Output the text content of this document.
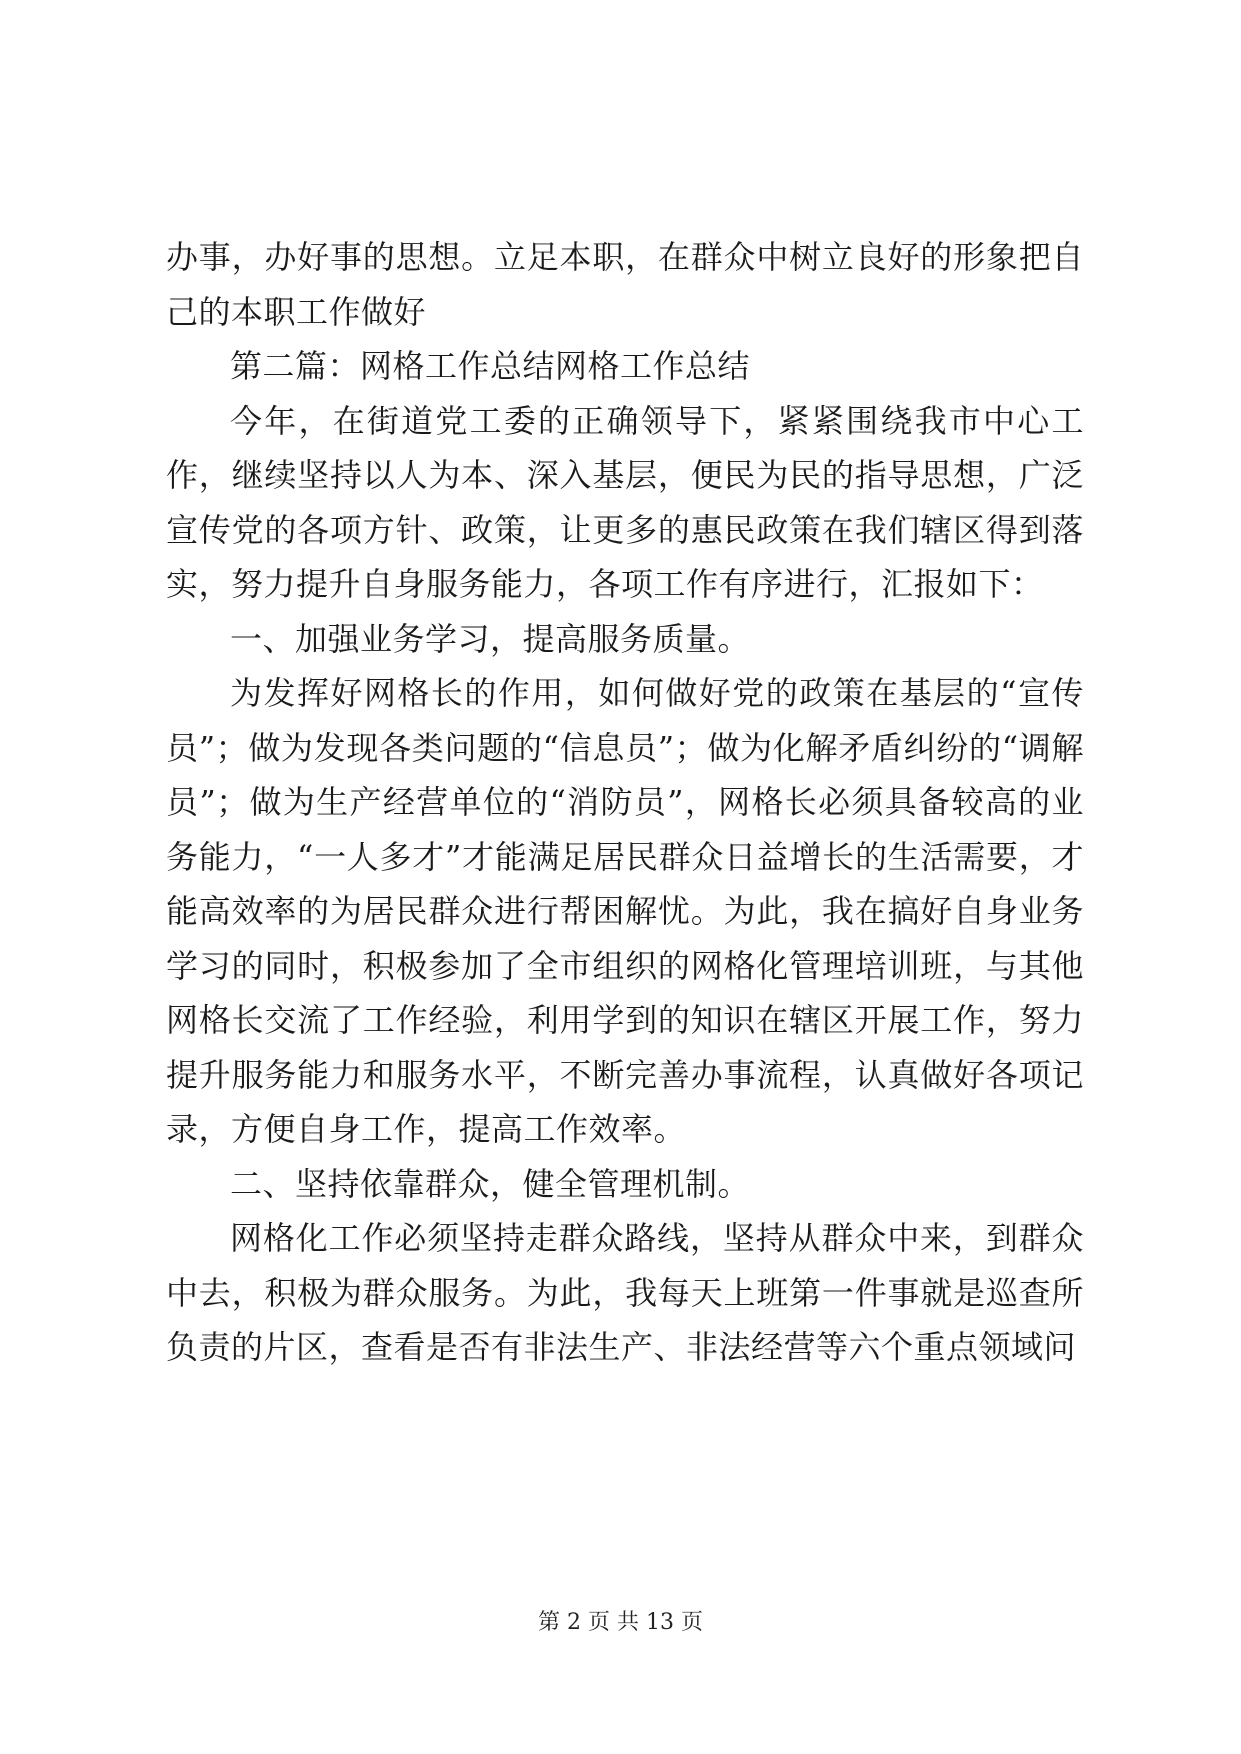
办事，办好事的思想。立足本职，在群众中树立良好的形象把自己的本职工作做好

第二篇：网格工作总结网格工作总结

今年，在街道党工委的正确领导下，紧紧围绕我市中心工作，继续坚持以人为本、深入基层，便民为民的指导思想，广泛宣传党的各项方针、政策，让更多的惠民政策在我们辖区得到落实，努力提升自身服务能力，各项工作有序进行，汇报如下：

一、加强业务学习，提高服务质量。

为发挥好网格长的作用，如何做好党的政策在基层的“宣传员”；做为发现各类问题的“信息员”；做为化解矛盾纠纷的“调解员”；做为生产经营单位的“消防员”，网格长必须具备较高的业务能力，“一人多才”才能满足居民群众日益增长的生活需要，才能高效率的为居民群众进行帮困解忧。为此，我在搞好自身业务学习的同时，积极参加了全市组织的网格化管理培训班，与其他网格长交流了工作经验，利用学到的知识在辖区开展工作，努力提升服务能力和服务水平，不断完善办事流程，认真做好各项记录，方便自身工作，提高工作效率。

二、坚持依靠群众，健全管理机制。

网格化工作必须坚持走群众路线，坚持从群众中来，到群众中去，积极为群众服务。为此，我每天上班第一件事就是巡查所负责的片区，查看是否有非法生产、非法经营等六个重点领域问

第 2 页 共 13 页
